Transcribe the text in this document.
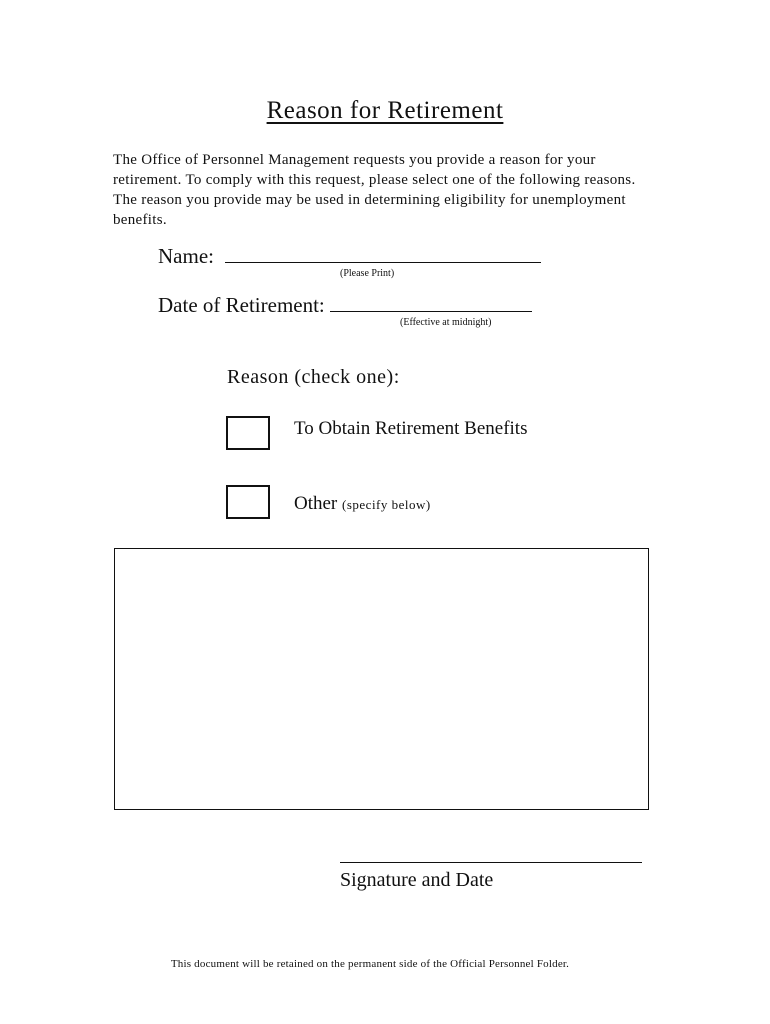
Reason for Retirement
The Office of Personnel Management requests you provide a reason for your retirement. To comply with this request, please select one of the following reasons. The reason you provide may be used in determining eligibility for unemployment benefits.
Name:
(Please Print)
Date of Retirement:
(Effective at midnight)
Reason (check one):
To Obtain Retirement Benefits
Other (specify below)
Signature and Date
This document will be retained on the permanent side of the Official Personnel Folder.
